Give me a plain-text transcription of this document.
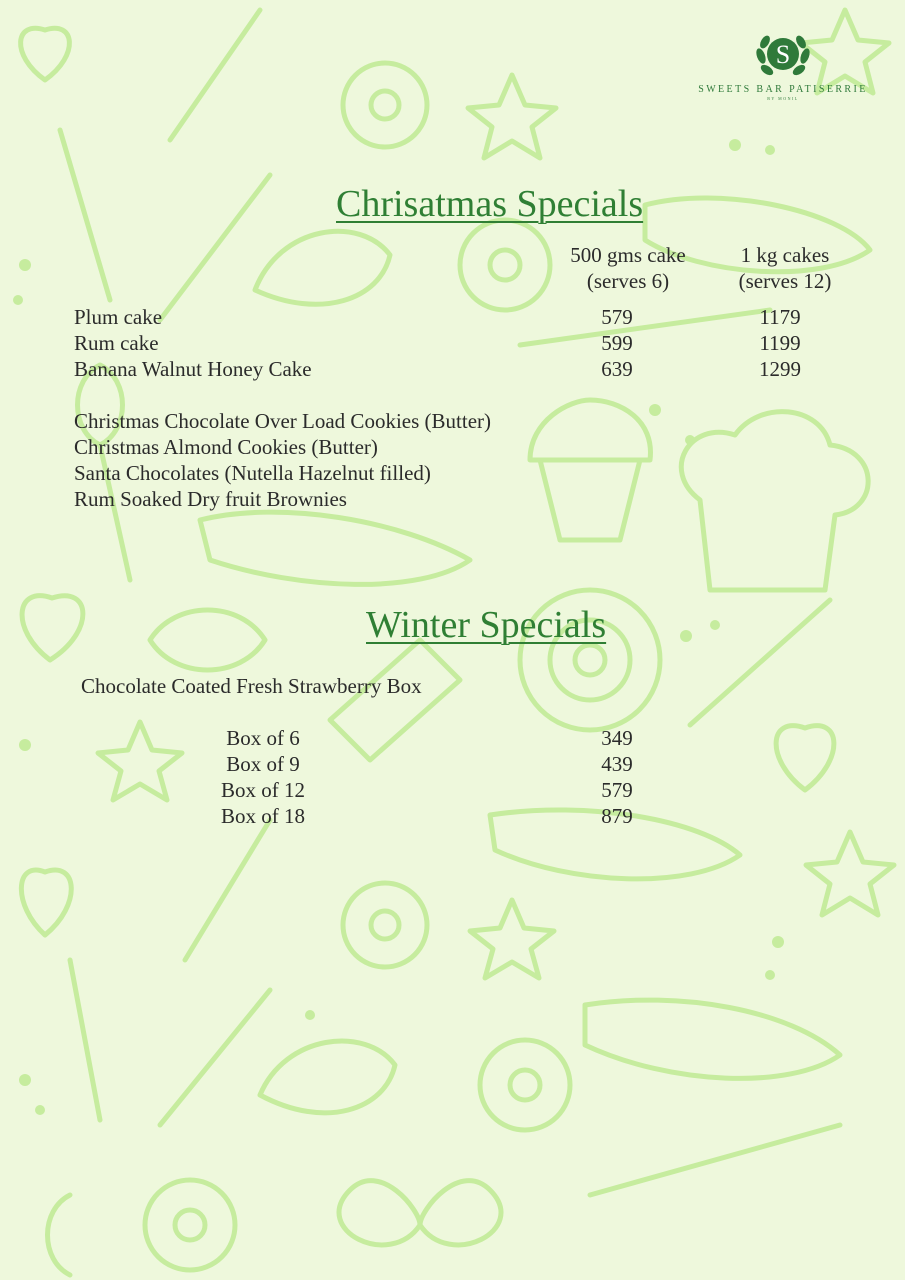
S
SWEETS BAR PATISERRIE
BY MONIL
Chrisatmas Specials
500 gms cake
(serves 6)
1 kg cakes
(serves 12)
Plum cake	579	1179
Rum cake	599	1199
Banana Walnut Honey Cake	639	1299
Christmas Chocolate Over Load Cookies (Butter)
Christmas Almond Cookies (Butter)
Santa Chocolates (Nutella Hazelnut filled)
Rum Soaked Dry fruit Brownies
Winter Specials
Chocolate Coated Fresh Strawberry Box
Box of 6	349
Box of 9	439
Box of 12	579
Box of 18	879
